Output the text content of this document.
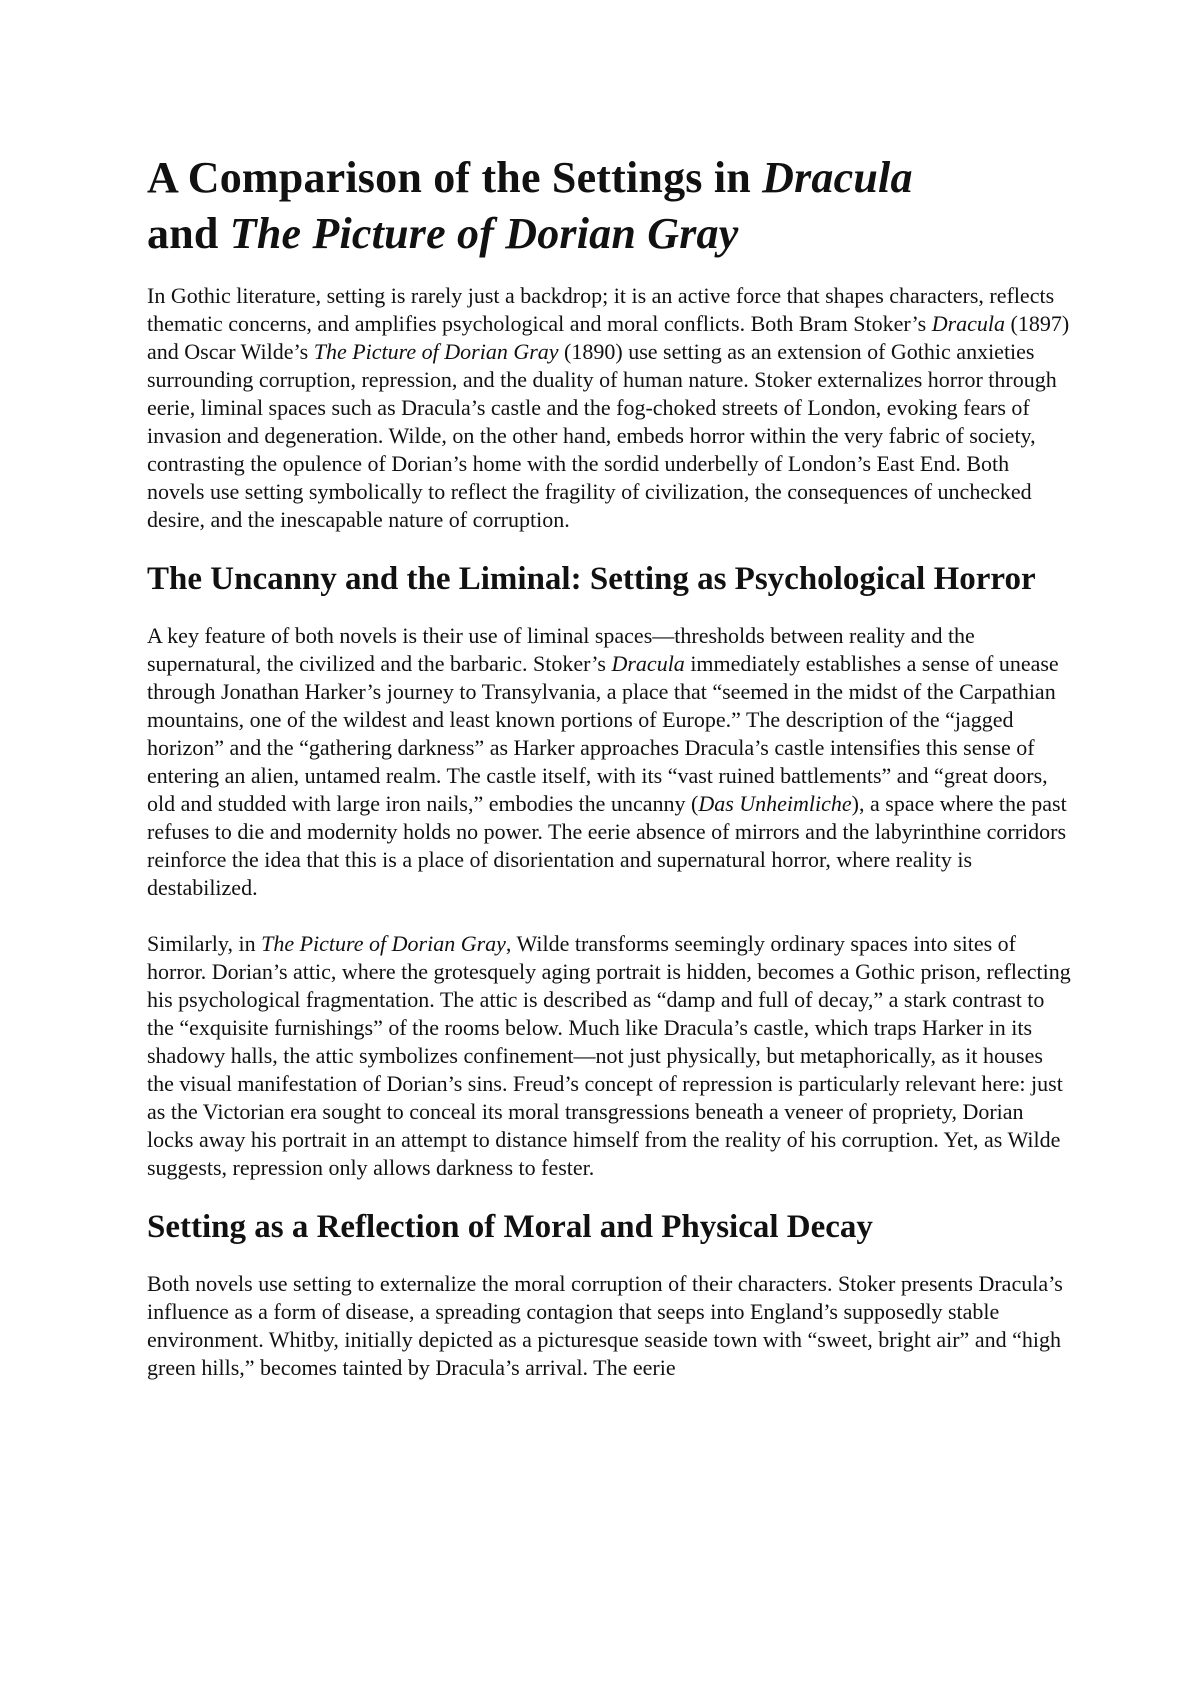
A Comparison of the Settings in Dracula
and The Picture of Dorian Gray

In Gothic literature, setting is rarely just a backdrop; it is an active force that shapes characters, reflects thematic concerns, and amplifies psychological and moral conflicts. Both Bram Stoker’s Dracula (1897) and Oscar Wilde’s The Picture of Dorian Gray (1890) use setting as an extension of Gothic anxieties surrounding corruption, repression, and the duality of human nature. Stoker externalizes horror through eerie, liminal spaces such as Dracula’s castle and the fog-choked streets of London, evoking fears of invasion and degeneration. Wilde, on the other hand, embeds horror within the very fabric of society, contrasting the opulence of Dorian’s home with the sordid underbelly of London’s East End. Both novels use setting symbolically to reflect the fragility of civilization, the consequences of unchecked desire, and the inescapable nature of corruption.

The Uncanny and the Liminal: Setting as Psychological Horror

A key feature of both novels is their use of liminal spaces—thresholds between reality and the supernatural, the civilized and the barbaric. Stoker’s Dracula immediately establishes a sense of unease through Jonathan Harker’s journey to Transylvania, a place that “seemed in the midst of the Carpathian mountains, one of the wildest and least known portions of Europe.” The description of the “jagged horizon” and the “gathering darkness” as Harker approaches Dracula’s castle intensifies this sense of entering an alien, untamed realm. The castle itself, with its “vast ruined battlements” and “great doors, old and studded with large iron nails,” embodies the uncanny (Das Unheimliche), a space where the past refuses to die and modernity holds no power. The eerie absence of mirrors and the labyrinthine corridors reinforce the idea that this is a place of disorientation and supernatural horror, where reality is destabilized.

Similarly, in The Picture of Dorian Gray, Wilde transforms seemingly ordinary spaces into sites of horror. Dorian’s attic, where the grotesquely aging portrait is hidden, becomes a Gothic prison, reflecting his psychological fragmentation. The attic is described as “damp and full of decay,” a stark contrast to the “exquisite furnishings” of the rooms below. Much like Dracula’s castle, which traps Harker in its shadowy halls, the attic symbolizes confinement—not just physically, but metaphorically, as it houses the visual manifestation of Dorian’s sins. Freud’s concept of repression is particularly relevant here: just as the Victorian era sought to conceal its moral transgressions beneath a veneer of propriety, Dorian locks away his portrait in an attempt to distance himself from the reality of his corruption. Yet, as Wilde suggests, repression only allows darkness to fester.

Setting as a Reflection of Moral and Physical Decay

Both novels use setting to externalize the moral corruption of their characters. Stoker presents Dracula’s influence as a form of disease, a spreading contagion that seeps into England’s supposedly stable environment. Whitby, initially depicted as a picturesque seaside town with “sweet, bright air” and “high green hills,” becomes tainted by Dracula’s arrival. The eerie
